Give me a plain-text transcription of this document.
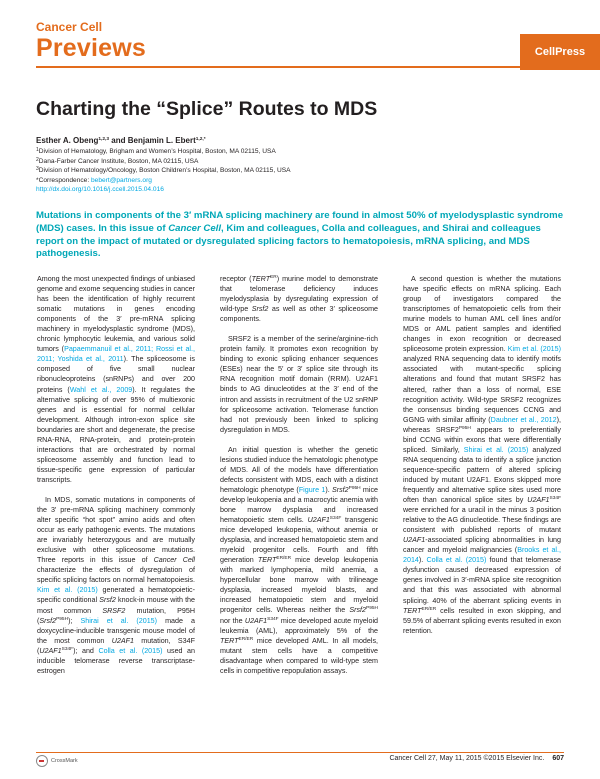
Cancer Cell
Previews	CellPress
Charting the “Splice” Routes to MDS
Esther A. Obeng$^{1,2,3}$ and Benjamin L. Ebert$^{1,2,*}$
$^1$Division of Hematology, Brigham and Women’s Hospital, Boston, MA 02115, USA
$^2$Dana-Farber Cancer Institute, Boston, MA 02115, USA
$^3$Division of Hematology/Oncology, Boston Children’s Hospital, Boston, MA 02115, USA
*Correspondence: bebert@partners.org
http://dx.doi.org/10.1016/j.ccell.2015.04.016
Mutations in components of the 3′ mRNA splicing machinery are found in almost 50% of myelodysplastic syndrome (MDS) cases. In this issue of Cancer Cell, Kim and colleagues, Colla and colleagues, and Shirai and colleagues report on the impact of mutated or dysregulated splicing factors to hematopoiesis, mRNA splicing, and MDS pathogenesis.

Among the most unexpected findings of unbiased genome and exome sequencing studies in cancer has been the identification of highly recurrent somatic mutations in genes encoding components of the 3′ pre-mRNA splicing machinery in myelodysplastic syndrome (MDS), chronic lymphocytic leukemia, and various solid tumors (Papaemmanuil et al., 2011; Rossi et al., 2011; Yoshida et al., 2011). The spliceosome is composed of five small nuclear ribonucleoproteins (snRNPs) and over 200 proteins (Wahl et al., 2009). It regulates the alternative splicing of over 95% of multiexonic genes and is essential for normal cellular development. Although intron-exon splice site boundaries are short and degenerate, the precise RNA-RNA, RNA-protein, and protein-protein interactions that are orchestrated by normal spliceosome assembly and function lead to tissue-specific gene expression of particular transcripts.

In MDS, somatic mutations in components of the 3′ pre-mRNA splicing machinery commonly alter specific “hot spot” amino acids and often occur as early pathogenic events. The mutations are invariably heterozygous and are mutually exclusive with other spliceosome mutations. Three reports in this issue of Cancer Cell characterize the effects of dysregulation of specific splicing factors on normal hematopoiesis. Kim et al. (2015) generated a hematopoietic-specific conditional Srsf2 knock-in mouse with the most common SRSF2 mutation, P95H $(Srsf2^{P95H})$; Shirai et al. (2015) made a doxycycline-inducible transgenic mouse model of the most common U2AF1 mutation, S34F $(U2AF1^{S34F})$; and Colla et al. (2015) used an inducible telomerase reverse transcriptase-estrogen

receptor $(TERT^{ER})$ murine model to demonstrate that telomerase deficiency induces myelodysplasia by dysregulating expression of wild-type Srsf2 as well as other 3′ spliceosome components.

SRSF2 is a member of the serine/arginine-rich protein family. It promotes exon recognition by binding to exonic splicing enhancer sequences (ESEs) near the 5′ or 3′ splice site through its RNA recognition motif domain (RRM). U2AF1 binds to AG dinucleotides at the 3′ end of the intron and assists in recruitment of the U2 snRNP for spliceosome activation. Telomerase function had not previously been linked to splicing dysregulation in MDS.

An initial question is whether the genetic lesions studied induce the hematologic phenotype of MDS. All of the models have differentiation defects consistent with MDS, each with a distinct hematologic phenotype (Figure 1). $Srsf2^{P95H}$ mice develop leukopenia and a macrocytic anemia with bone marrow dysplasia and increased hematopoietic stem cells. $U2AF1^{S34F}$ transgenic mice developed leukopenia, without anemia or dysplasia, and increased hematopoietic stem and myeloid progenitor cells. Fourth and fifth generation $TERT^{ER/ER}$ mice develop leukopenia with marked lymphopenia, mild anemia, a hypercellular bone marrow with trilineage dysplasia, increased myeloid blasts, and increased hematopoietic stem and myeloid progenitor cells. Whereas neither the $Srsf2^{P95H}$ nor the $U2AF1^{S34F}$ mice developed acute myeloid leukemia (AML), approximately 5% of the $TERT^{ER/ER}$ mice developed AML. In all models, mutant stem cells have a competitive disadvantage when compared to wild-type stem cells in competitive repopulation assays.

A second question is whether the mutations have specific effects on mRNA splicing. Each group of investigators compared the transcriptomes of hematopoietic cells from their murine models to human AML cell lines and/or MDS or AML patient samples and identified changes in exon recognition or decreased spliceosome protein expression. Kim et al. (2015) analyzed RNA sequencing data to identify motifs associated with mutant-specific splicing alterations and found that mutant SRSF2 has altered, rather than a loss of normal, ESE recognition activity. Wild-type SRSF2 recognizes the consensus binding sequences CCNG and GGNG with similar affinity (Daubner et al., 2012), whereas $SRSF2^{P95H}$ appears to preferentially bind CCNG within exons that were differentially spliced. Similarly, Shirai et al. (2015) analyzed RNA sequencing data to identify a splice junction sequence-specific pattern of altered splicing induced by mutant U2AF1. Exons skipped more frequently and alternative splice sites used more often than canonical splice sites by $U2AF1^{S34F}$ were enriched for a uracil in the minus 3 position relative to the AG dinucleotide. These findings are consistent with published reports of mutant U2AF1-associated splicing abnormalities in lung cancer and myeloid malignancies (Brooks et al., 2014). Colla et al. (2015) found that telomerase dysfunction caused decreased expression of genes involved in 3′-mRNA splice site recognition and that this was associated with abnormal splicing. 40% of the aberrant splicing events in $TERT^{ER/ER}$ cells resulted in exon skipping, and 59.5% of aberrant splicing events resulted in exon retention.

CrossMark	Cancer Cell 27, May 11, 2015 ©2015 Elsevier Inc. 607
